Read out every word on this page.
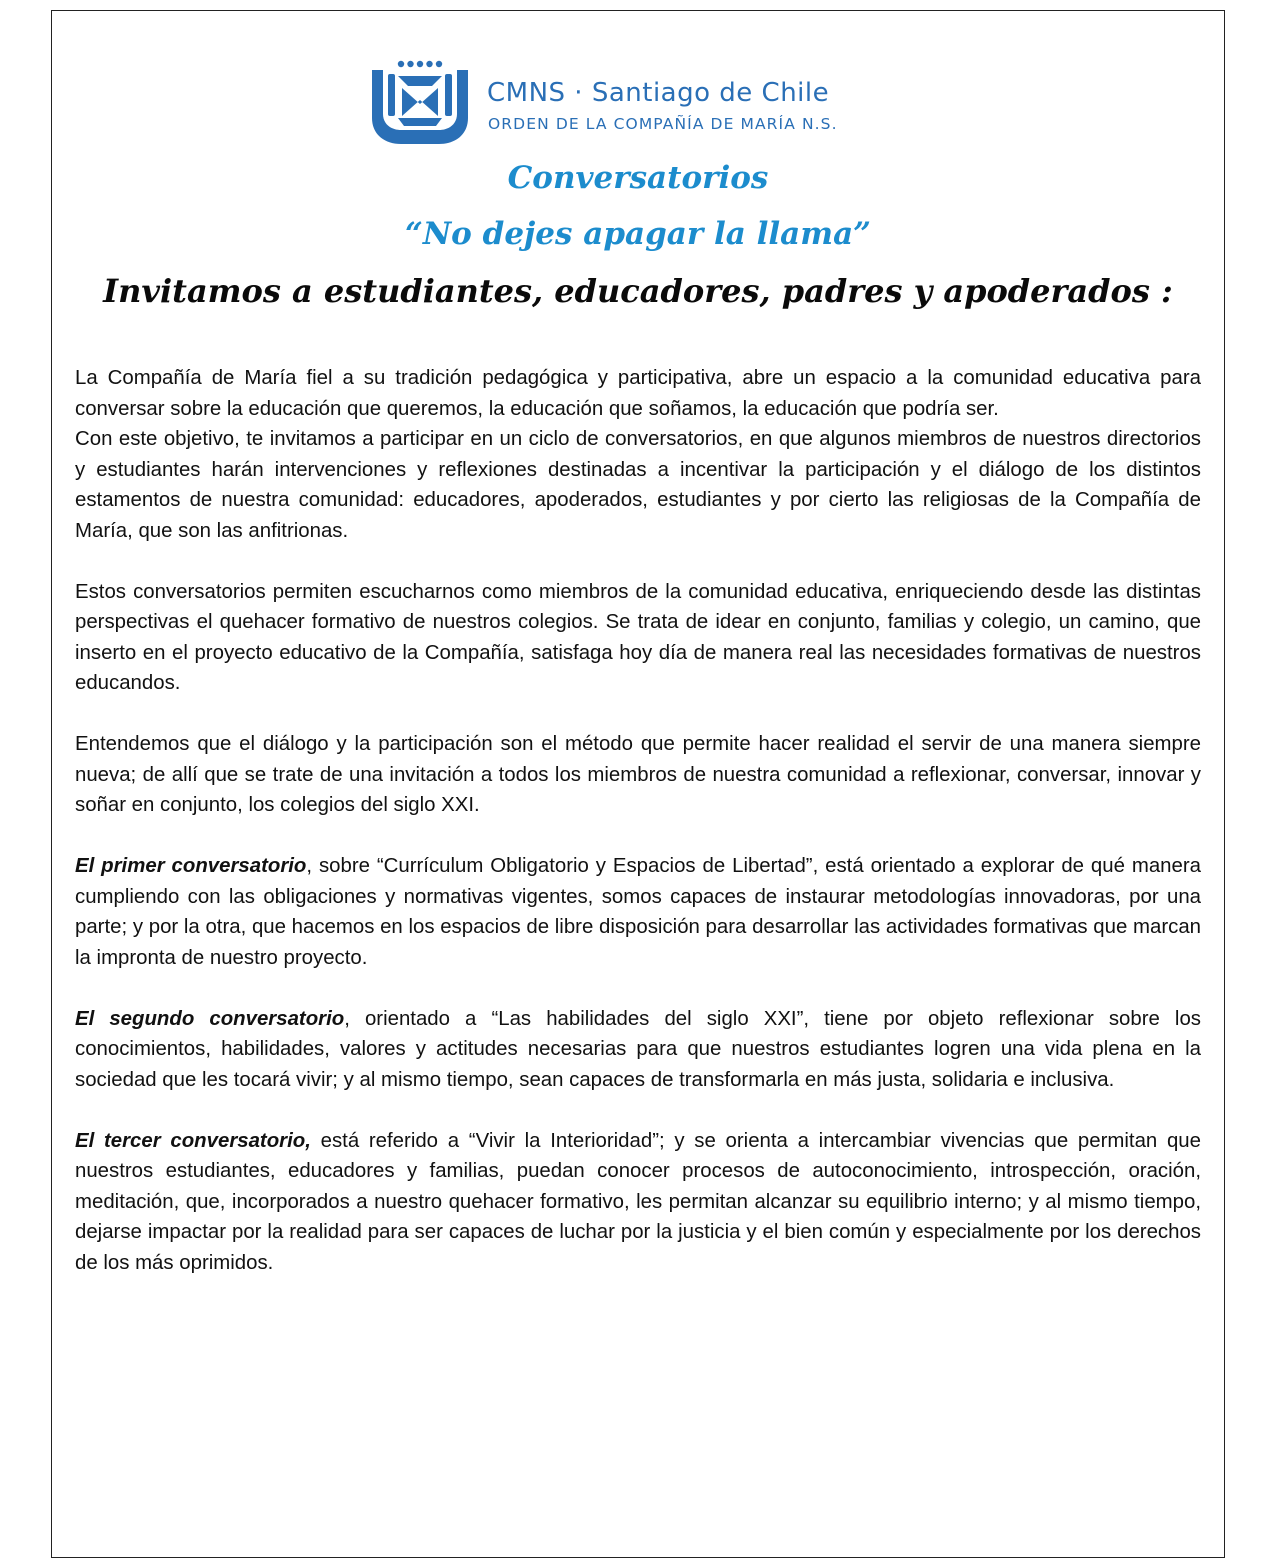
CMNS · Santiago de Chile
ORDEN DE LA COMPAÑÍA DE MARÍA N.S.
Conversatorios
“No dejes apagar la llama”
Invitamos a estudiantes, educadores, padres y apoderados :

La Compañía de María fiel a su tradición pedagógica y participativa, abre un espacio a la comunidad educativa para conversar sobre la educación que queremos, la educación que soñamos, la educación que podría ser.

Con este objetivo, te invitamos a participar en un ciclo de conversatorios, en que algunos miembros de nuestros directorios y estudiantes harán intervenciones y reflexiones destinadas a incentivar la participación y el diálogo de los distintos estamentos de nuestra comunidad: educadores, apoderados, estudiantes y por cierto las religiosas de la Compañía de María, que son las anfitrionas.

Estos conversatorios permiten escucharnos como miembros de la comunidad educativa, enriqueciendo desde las distintas perspectivas el quehacer formativo de nuestros colegios. Se trata de idear en conjunto, familias y colegio, un camino, que inserto en el proyecto educativo de la Compañía, satisfaga hoy día de manera real las necesidades formativas de nuestros educandos.

Entendemos que el diálogo y la participación son el método que permite hacer realidad el servir de una manera siempre nueva; de allí que se trate de una invitación a todos los miembros de nuestra comunidad a reflexionar, conversar, innovar y soñar en conjunto, los colegios del siglo XXI.

El primer conversatorio, sobre “Currículum Obligatorio y Espacios de Libertad”, está orientado a explorar de qué manera cumpliendo con las obligaciones y normativas vigentes, somos capaces de instaurar metodologías innovadoras, por una parte; y por la otra, que hacemos en los espacios de libre disposición para desarrollar las actividades formativas que marcan la impronta de nuestro proyecto.

El segundo conversatorio, orientado a “Las habilidades del siglo XXI”, tiene por objeto reflexionar sobre los conocimientos, habilidades, valores y actitudes necesarias para que nuestros estudiantes logren una vida plena en la sociedad que les tocará vivir; y al mismo tiempo, sean capaces de transformarla en más justa, solidaria e inclusiva.

El tercer conversatorio, está referido a “Vivir la Interioridad”; y se orienta a intercambiar vivencias que permitan que nuestros estudiantes, educadores y familias, puedan conocer procesos de autoconocimiento, introspección, oración, meditación, que, incorporados a nuestro quehacer formativo, les permitan alcanzar su equilibrio interno; y al mismo tiempo, dejarse impactar por la realidad para ser capaces de luchar por la justicia y el bien común y especialmente por los derechos de los más oprimidos.
